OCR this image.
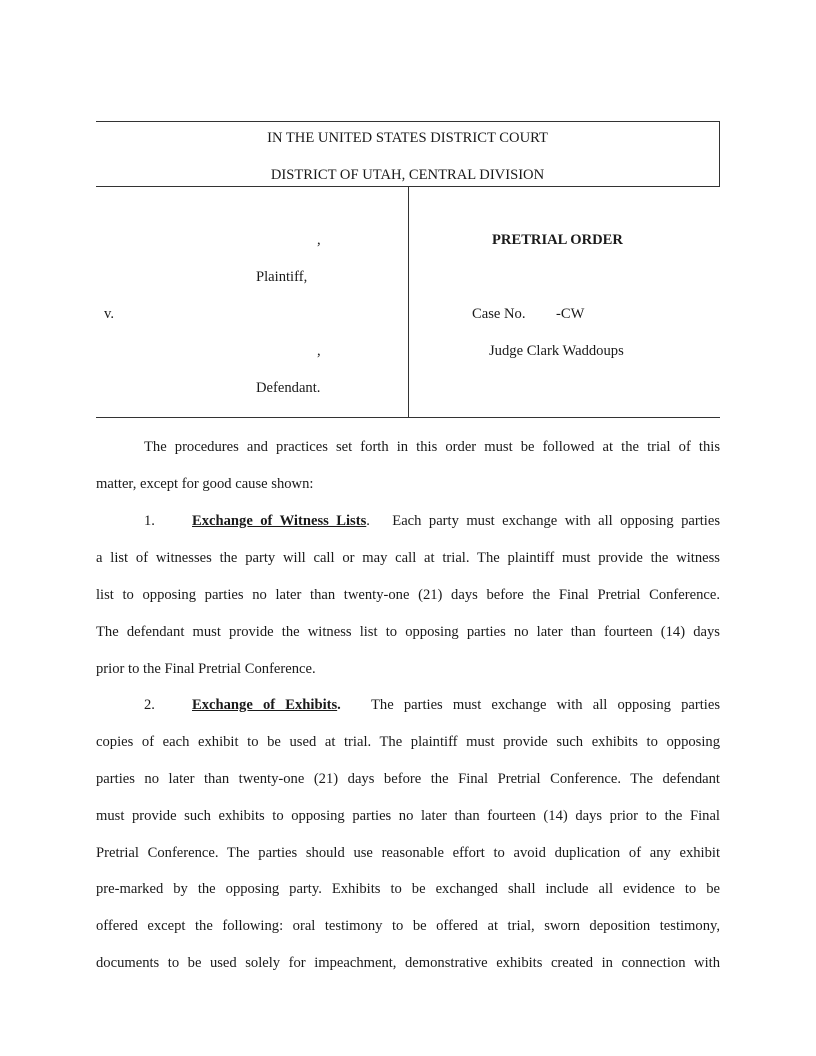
IN THE UNITED STATES DISTRICT COURT
DISTRICT OF UTAH, CENTRAL DIVISION
,
Plaintiff,
v.
,
Defendant.
PRETRIAL ORDER
Case No. -CW
Judge Clark Waddoups
The procedures and practices set forth in this order must be followed at the trial of this
matter, except for good cause shown:
1.	Exchange of Witness Lists. Each party must exchange with all opposing parties
a list of witnesses the party will call or may call at trial. The plaintiff must provide the witness
list to opposing parties no later than twenty-one (21) days before the Final Pretrial Conference.
The defendant must provide the witness list to opposing parties no later than fourteen (14) days
prior to the Final Pretrial Conference.
2.	Exchange of Exhibits. The parties must exchange with all opposing parties
copies of each exhibit to be used at trial. The plaintiff must provide such exhibits to opposing
parties no later than twenty-one (21) days before the Final Pretrial Conference. The defendant
must provide such exhibits to opposing parties no later than fourteen (14) days prior to the Final
Pretrial Conference. The parties should use reasonable effort to avoid duplication of any exhibit
pre-marked by the opposing party. Exhibits to be exchanged shall include all evidence to be
offered except the following: oral testimony to be offered at trial, sworn deposition testimony,
documents to be used solely for impeachment, demonstrative exhibits created in connection with
